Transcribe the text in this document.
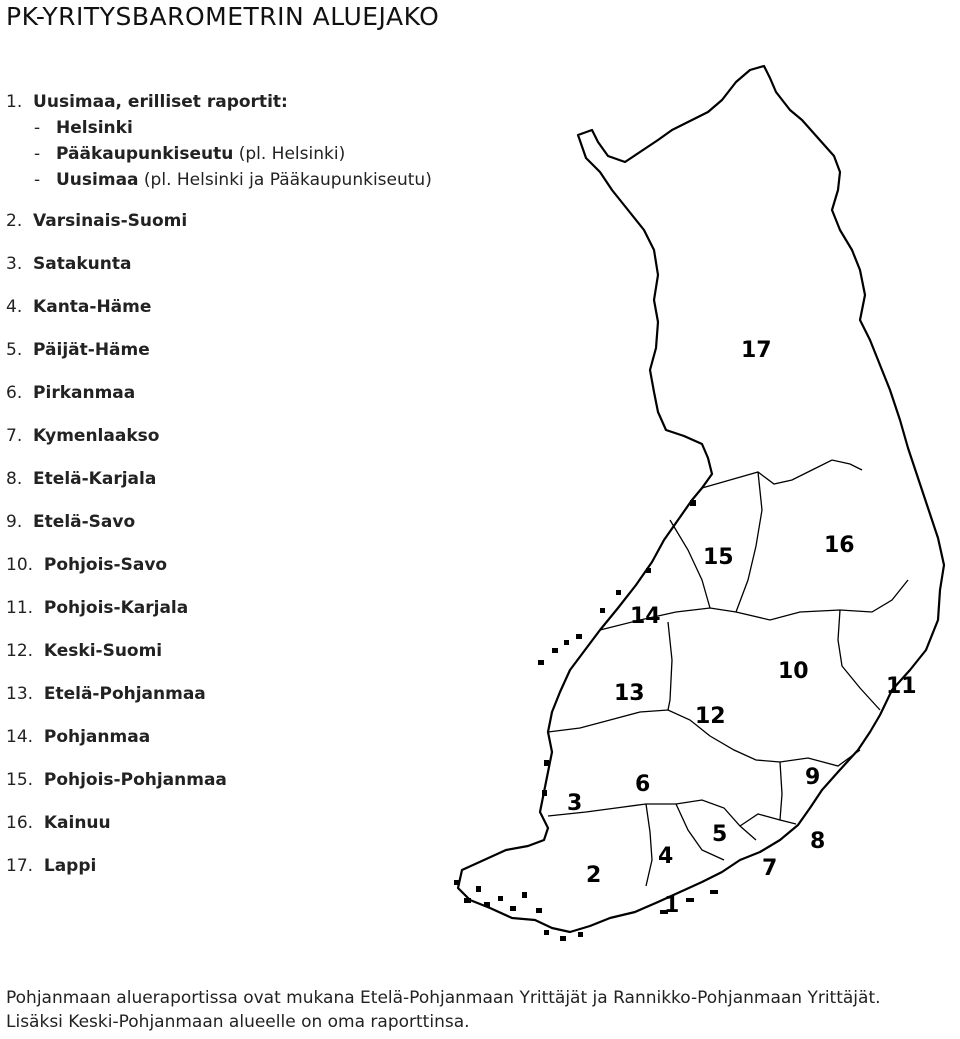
PK-YRITYSBAROMETRIN ALUEJAKO
1. Uusimaa, erilliset raportit:
- Helsinki
- Pääkaupunkiseutu (pl. Helsinki)
- Uusimaa (pl. Helsinki ja Pääkaupunkiseutu)
2. Varsinais-Suomi
3. Satakunta
4. Kanta-Häme
5. Päijät-Häme
6. Pirkanmaa
7. Kymenlaakso
8. Etelä-Karjala
9. Etelä-Savo
10. Pohjois-Savo
11. Pohjois-Karjala
12. Keski-Suomi
13. Etelä-Pohjanmaa
14. Pohjanmaa
15. Pohjois-Pohjanmaa
16. Kainuu
17. Lappi
1
2
3
4
5
6
7
8
9
10
11
12
13
14
15	16
17
Pohjanmaan alueraportissa ovat mukana Etelä-Pohjanmaan Yrittäjät ja Rannikko-Pohjanmaan Yrittäjät.
Lisäksi Keski-Pohjanmaan alueelle on oma raporttinsa.
